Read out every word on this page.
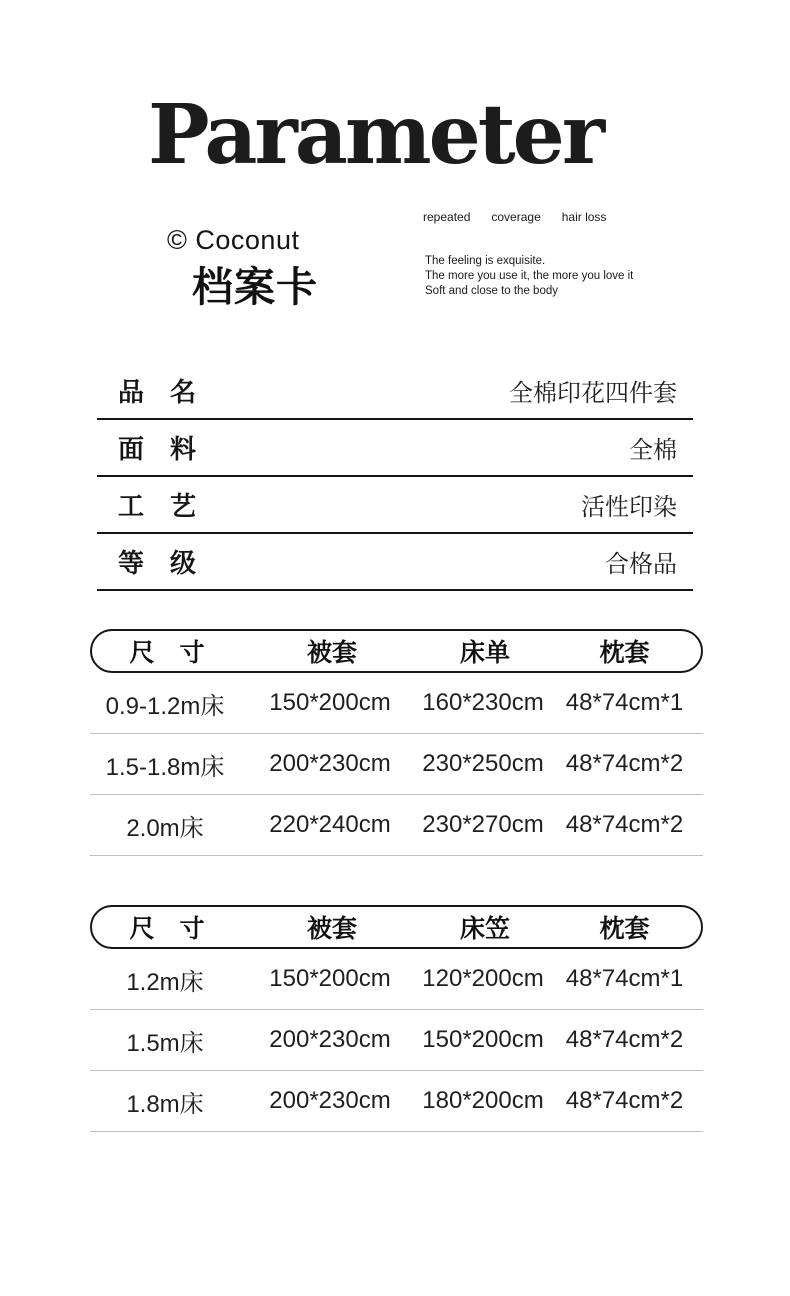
Parameter
© Coconut
档案卡
repeated coverage hair loss
The feeling is exquisite.
The more you use it, the more you love it
Soft and close to the body
品　名	全棉印花四件套
面　料	全棉
工　艺	活性印染
等　级	合格品
尺　寸	被套	床单	枕套
0.9-1.2m床	150*200cm	160*230cm 48*74cm*1
1.5-1.8m床	200*230cm	230*250cm 48*74cm*2
2.0m床	220*240cm	230*270cm 48*74cm*2
尺　寸	被套	床笠	枕套
1.2m床	150*200cm	120*200cm 48*74cm*1
1.5m床	200*230cm	150*200cm 48*74cm*2
1.8m床	200*230cm	180*200cm 48*74cm*2
